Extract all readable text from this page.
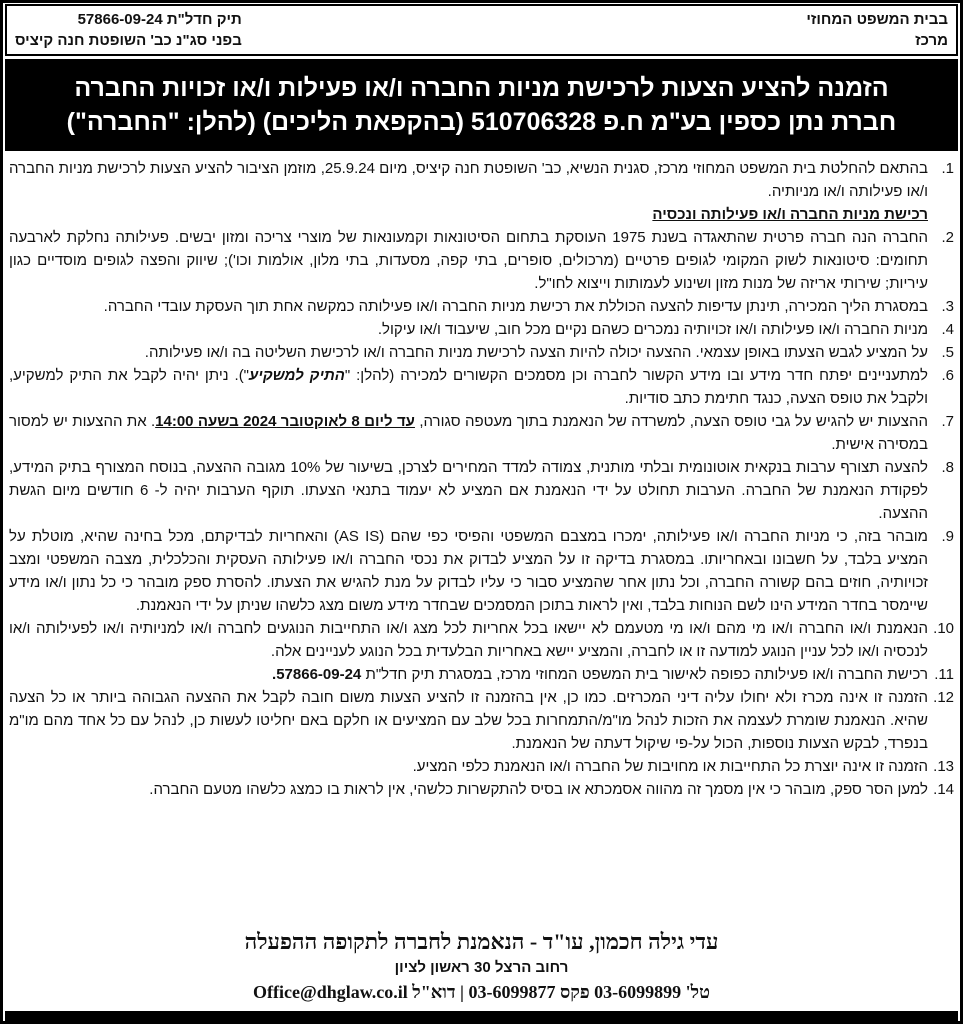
בבית המשפט המחוזי
מרכז
תיק חדל"ת 57866-09-24
בפני סג"נ כב' השופטת חנה קיציס
הזמנה להציע הצעות לרכישת מניות החברה ו/או פעילות ו/או זכויות החברה
חברת נתן כספין בע"מ ח.פ 510706328 (בהקפאת הליכים) (להלן: "החברה")
1.
בהתאם להחלטת בית המשפט המחוזי מרכז, סגנית הנשיא, כב' השופטת חנה קיציס, מיום 25.9.24, מוזמן הציבור להציע הצעות לרכישת מניות החברה ו/או פעילותה ו/או מניותיה.
רכישת מניות החברה ו/או פעילותה ונכסיה
2.
החברה הנה חברה פרטית שהתאגדה בשנת 1975 העוסקת בתחום הסיטונאות וקמעונאות של מוצרי צריכה ומזון יבשים. פעילותה נחלקת לארבעה תחומים: סיטונאות לשוק המקומי לגופים פרטיים (מרכולים, סופרים, בתי קפה, מסעדות, בתי מלון, אולמות וכו'); שיווק והפצה לגופים מוסדיים כגון עיריות; שירותי אריזה של מנות מזון ושינוע לעמותות וייצוא לחו"ל.
3.
במסגרת הליך המכירה, תינתן עדיפות להצעה הכוללת את רכישת מניות החברה ו/או פעילותה כמקשה אחת תוך העסקת עובדי החברה.
4.
מניות החברה ו/או פעילותה ו/או זכויותיה נמכרים כשהם נקיים מכל חוב, שיעבוד ו/או עיקול.
5.
על המציע לגבש הצעתו באופן עצמאי. ההצעה יכולה להיות הצעה לרכישת מניות החברה ו/או לרכישת השליטה בה ו/או פעילותה.
6.
למתעניינים יפתח חדר מידע ובו מידע הקשור לחברה וכן מסמכים הקשורים למכירה (להלן: "התיק למשקיע"). ניתן יהיה לקבל את התיק למשקיע, ולקבל את טופס הצעה, כנגד חתימת כתב סודיות.
7.
ההצעות יש להגיש על גבי טופס הצעה, למשרדה של הנאמנת בתוך מעטפה סגורה, עד ליום 8 לאוקטובר 2024 בשעה 14:00. את ההצעות יש למסור במסירה אישית.
8.
להצעה תצורף ערבות בנקאית אוטונומית ובלתי מותנית, צמודה למדד המחירים לצרכן, בשיעור של 10% מגובה ההצעה, בנוסח המצורף בתיק המידע, לפקודת הנאמנת של החברה. הערבות תחולט על ידי הנאמנת אם המציע לא יעמוד בתנאי הצעתו. תוקף הערבות יהיה ל- 6 חודשים מיום הגשת ההצעה.
9.
מובהר בזה, כי מניות החברה ו/או פעילותה, ימכרו במצבם המשפטי והפיסי כפי שהם (AS IS) והאחריות לבדיקתם, מכל בחינה שהיא, מוטלת על המציע בלבד, על חשבונו ובאחריותו. במסגרת בדיקה זו על המציע לבדוק את נכסי החברה ו/או פעילותה העסקית והכלכלית, מצבה המשפטי ומצב זכויותיה, חוזים בהם קשורה החברה, וכל נתון אחר שהמציע סבור כי עליו לבדוק על מנת להגיש את הצעתו. להסרת ספק מובהר כי כל נתון ו/או מידע שיימסר בחדר המידע הינו לשם הנוחות בלבד, ואין לראות בתוכן המסמכים שבחדר מידע משום מצג כלשהו שניתן על ידי הנאמנת.
10.
הנאמנת ו/או החברה ו/או מי מהם ו/או מי מטעמם לא יישאו בכל אחריות לכל מצג ו/או התחייבות הנוגעים לחברה ו/או למניותיה ו/או לפעילותה ו/או לנכסיה ו/או לכל עניין הנוגע למודעה זו או לחברה, והמציע יישא באחריות הבלעדית בכל הנוגע לעניינים אלה.
11.
רכישת החברה ו/או פעילותה כפופה לאישור בית המשפט המחוזי מרכז, במסגרת תיק חדל"ת 57866-09-24.
12.
הזמנה זו אינה מכרז ולא יחולו עליה דיני המכרזים. כמו כן, אין בהזמנה זו להציע הצעות משום חובה לקבל את ההצעה הגבוהה ביותר או כל הצעה שהיא. הנאמנת שומרת לעצמה את הזכות לנהל מו"מ/התמחרות בכל שלב עם המציעים או חלקם באם יחליטו לעשות כן, לנהל עם כל אחד מהם מו"מ בנפרד, לבקש הצעות נוספות, הכול על-פי שיקול דעתה של הנאמנת.
13.
הזמנה זו אינה יוצרת כל התחייבות או מחויבות של החברה ו/או הנאמנת כלפי המציע.
14.
למען הסר ספק, מובהר כי אין מסמך זה מהווה אסמכתא או בסיס להתקשרות כלשהי, אין לראות בו כמצג כלשהו מטעם החברה.
עדי גילה חכמון, עו"ד - הנאמנת לחברה לתקופה ההפעלה
רחוב הרצל 30 ראשון לציון
טל' 03-6099899 פקס 03-6099877 | דוא"ל Office@dhglaw.co.il
